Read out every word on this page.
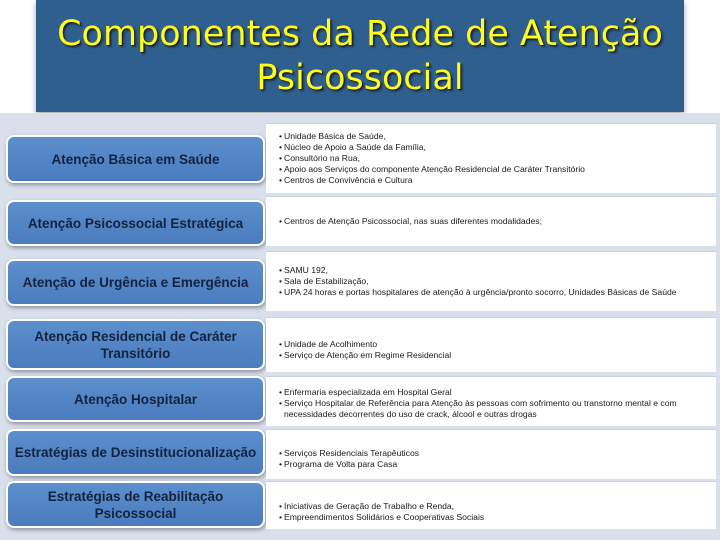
Componentes da Rede de Atenção
Psicossocial
Atenção Básica em Saúde
• Unidade Básica de Saúde,
• Núcleo de Apoio a Saúde da Família,
• Consultório na Rua,
• Apoio aos Serviços do componente Atenção Residencial de Caráter Transitório
• Centros de Convivência e Cultura
Atenção Psicossocial Estratégica	• Centros de Atenção Psicossocial, nas suas diferentes modalidades;
Atenção de Urgência e Emergência
• SAMU 192,
• Sala de Estabilização,
• UPA 24 horas e portas hospitalares de atenção à urgência/pronto socorro, Unidades Básicas de Saúde
Atenção Residencial de Caráter Transitório
• Unidade de Acolhimento
• Serviço de Atenção em Regime Residencial
Atenção Hospitalar	• Enfermaria especializada em Hospital Geral
• Serviço Hospitalar de Referência para Atenção às pessoas com sofrimento ou transtorno mental e com necessidades decorrentes do uso de crack, álcool e outras drogas
Estratégias de Desinstitucionalização	• Serviços Residenciais Terapêuticos
• Programa de Volta para Casa
Estratégias de Reabilitação Psicossocial	• Iniciativas de Geração de Trabalho e Renda,
• Empreendimentos Solidários e Cooperativas Sociais
